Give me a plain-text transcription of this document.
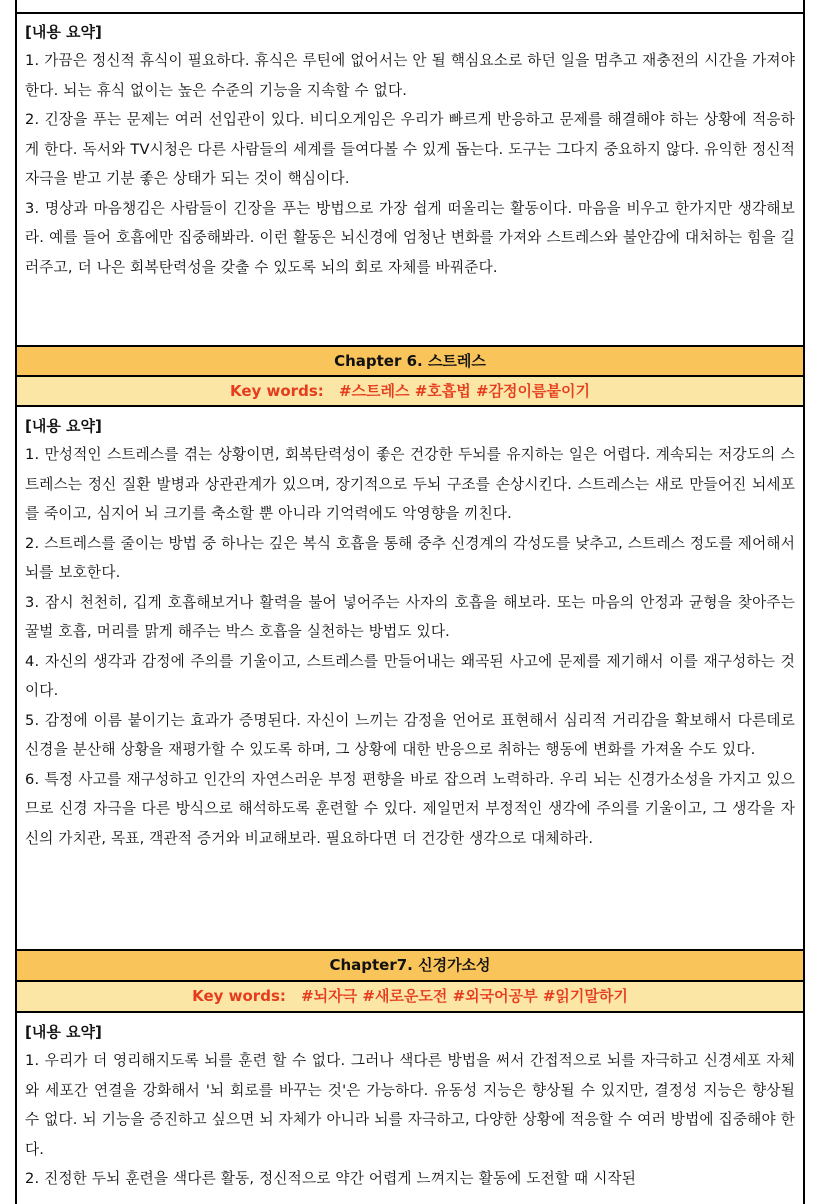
[내용 요약]

1. 가끔은 정신적 휴식이 필요하다. 휴식은 루틴에 없어서는 안 될 핵심요소로 하던 일을 멈추고 재충전의 시간을 가져야 한다. 뇌는 휴식 없이는 높은 수준의 기능을 지속할 수 없다.

2. 긴장을 푸는 문제는 여러 선입관이 있다. 비디오게임은 우리가 빠르게 반응하고 문제를 해결해야 하는 상황에 적응하게 한다. 독서와 TV시청은 다른 사람들의 세계를 들여다볼 수 있게 돕는다. 도구는 그다지 중요하지 않다. 유익한 정신적 자극을 받고 기분 좋은 상태가 되는 것이 핵심이다.

3. 명상과 마음챙김은 사람들이 긴장을 푸는 방법으로 가장 쉽게 떠올리는 활동이다. 마음을 비우고 한가지만 생각해보라. 예를 들어 호흡에만 집중해봐라. 이런 활동은 뇌신경에 엄청난 변화를 가져와 스트레스와 불안감에 대처하는 힘을 길러주고, 더 나은 회복탄력성을 갖출 수 있도록 뇌의 회로 자체를 바꿔준다.

Chapter 6. 스트레스
Key words: #스트레스 #호흡법 #감정이름붙이기
[내용 요약]

1. 만성적인 스트레스를 겪는 상황이면, 회복탄력성이 좋은 건강한 두뇌를 유지하는 일은 어렵다. 계속되는 저강도의 스트레스는 정신 질환 발병과 상관관계가 있으며, 장기적으로 두뇌 구조를 손상시킨다. 스트레스는 새로 만들어진 뇌세포를 죽이고, 심지어 뇌 크기를 축소할 뿐 아니라 기억력에도 악영향을 끼친다.

2. 스트레스를 줄이는 방법 중 하나는 깊은 복식 호흡을 통해 중추 신경계의 각성도를 낮추고, 스트레스 정도를 제어해서 뇌를 보호한다.

3. 잠시 천천히, 깁게 호흡해보거나 활력을 불어 넣어주는 사자의 호흡을 해보라. 또는 마음의 안정과 균형을 찾아주는 꿀벌 호흡, 머리를 맑게 해주는 박스 호흡을 실천하는 방법도 있다.

4. 자신의 생각과 감정에 주의를 기울이고, 스트레스를 만들어내는 왜곡된 사고에 문제를 제기해서 이를 재구성하는 것이다.

5. 감정에 이름 붙이기는 효과가 증명된다. 자신이 느끼는 감정을 언어로 표현해서 심리적 거리감을 확보해서 다른데로 신경을 분산해 상황을 재평가할 수 있도록 하며, 그 상황에 대한 반응으로 취하는 행동에 변화를 가져올 수도 있다.

6. 특정 사고를 재구성하고 인간의 자연스러운 부정 편향을 바로 잡으려 노력하라. 우리 뇌는 신경가소성을 가지고 있으므로 신경 자극을 다른 방식으로 해석하도록 훈련할 수 있다. 제일먼저 부정적인 생각에 주의를 기울이고, 그 생각을 자신의 가치관, 목표, 객관적 증거와 비교해보라. 필요하다면 더 건강한 생각으로 대체하라.

Chapter7. 신경가소성
Key words: #뇌자극 #새로운도전 #외국어공부 #읽기말하기
[내용 요약]

1. 우리가 더 영리해지도록 뇌를 훈련 할 수 없다. 그러나 색다른 방법을 써서 간접적으로 뇌를 자극하고 신경세포 자체와 세포간 연결을 강화해서 '뇌 회로를 바꾸는 것'은 가능하다. 유동성 지능은 향상될 수 있지만, 결정성 지능은 향상될 수 없다. 뇌 기능을 증진하고 싶으면 뇌 자체가 아니라 뇌를 자극하고, 다양한 상황에 적응할 수 여러 방법에 집중해야 한다.

2. 진정한 두뇌 훈련을 색다른 활동, 정신적으로 약간 어렵게 느껴지는 활동에 도전할 때 시작된
